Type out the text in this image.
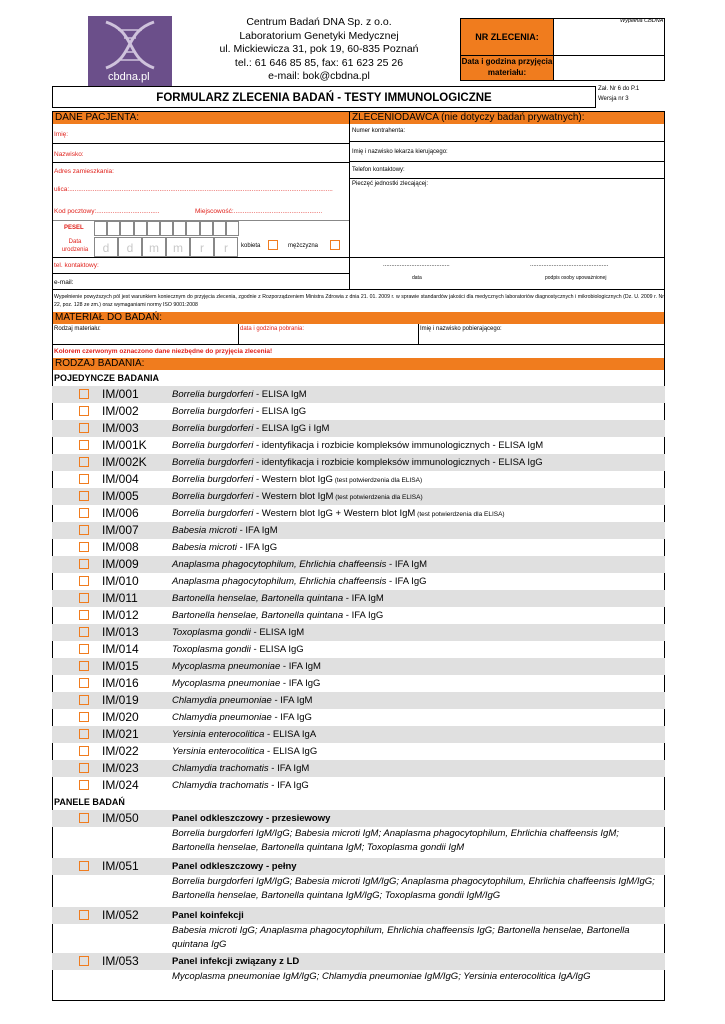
cbdna.pl
Centrum Badań DNA Sp. z o.o.
Laboratorium Genetyki Medycznej
ul. Mickiewicza 31, pok 19, 60-835 Poznań
tel.: 61 646 85 85, fax: 61 623 25 26
e-mail: bok@cbdna.pl
NR ZLECENIA:
Data i godzina przyjęcia materiału:
Wypełnia CBDNA
FORMULARZ ZLECENIA BADAŃ - TESTY IMMUNOLOGICZNE
Zał. Nr 6 do P.1
Wersja nr 3
DANE PACJENTA:	ZLECENIODAWCA (nie dotyczy badań prywatnych):
Imię:
Nazwisko:
Adres zamieszkania:
ulica:..................................................................................................................................................
Kod pocztowy:...................................	Miejscowość:.................................................
PESEL
Data urodzenia	d	d	m	m	r	r	kobieta	mężczyzna
tel. kontaktowy:
e-mail:
Numer kontrahenta:
Imię i nazwisko lekarza kierującego:
Telefon kontaktowy:
Pieczęć jednostki zlecającej:
........................................	...............................................
data	podpis osoby upoważnionej
Wypełnienie powyższych pól jest warunkiem koniecznym do przyjęcia zlecenia, zgodnie z Rozporządzeniem Ministra Zdrowia z dnia 21. 01. 2009 r. w sprawie standardów jakości dla medycznych laboratoriów diagnostycznych i mikrobiologicznych (Dz. U. 2009 r. Nr 22, poz. 128 ze zm.) oraz wymaganiami normy ISO 9001:2008
MATERIAŁ DO BADAŃ:
Rodzaj materiału:	data i godzina pobrania:	Imię i nazwisko pobierającego:
Kolorem czerwonym oznaczono dane niezbędne do przyjęcia zlecenia!
RODZAJ BADANIA:
POJEDYNCZE BADANIA
IM/001	Borrelia burgdorferi - ELISA IgM
IM/002	Borrelia burgdorferi - ELISA IgG
IM/003	Borrelia burgdorferi - ELISA IgG i IgM
IM/001K	Borrelia burgdorferi - identyfikacja i rozbicie kompleksów immunologicznych - ELISA IgM
IM/002K	Borrelia burgdorferi - identyfikacja i rozbicie kompleksów immunologicznych - ELISA IgG
IM/004	Borrelia burgdorferi - Western blot IgG (test potwierdzenia dla ELISA)
IM/005	Borrelia burgdorferi - Western blot IgM (test potwierdzenia dla ELISA)
IM/006	Borrelia burgdorferi - Western blot IgG + Western blot IgM (test potwierdzenia dla ELISA)
IM/007	Babesia microti - IFA IgM
IM/008	Babesia microti - IFA IgG
IM/009	Anaplasma phagocytophilum, Ehrlichia chaffeensis - IFA IgM
IM/010	Anaplasma phagocytophilum, Ehrlichia chaffeensis - IFA IgG
IM/011	Bartonella henselae, Bartonella quintana - IFA IgM
IM/012	Bartonella henselae, Bartonella quintana - IFA IgG
IM/013	Toxoplasma gondii - ELISA IgM
IM/014	Toxoplasma gondii - ELISA IgG
IM/015	Mycoplasma pneumoniae - IFA IgM
IM/016	Mycoplasma pneumoniae - IFA IgG
IM/019	Chlamydia pneumoniae - IFA IgM
IM/020	Chlamydia pneumoniae - IFA IgG
IM/021	Yersinia enterocolitica - ELISA IgA
IM/022	Yersinia enterocolitica - ELISA IgG
IM/023	Chlamydia trachomatis - IFA IgM
IM/024	Chlamydia trachomatis - IFA IgG
PANELE BADAŃ
IM/050	Panel odkleszczowy - przesiewowy
Borrelia burgdorferi IgM/IgG; Babesia microti IgM; Anaplasma phagocytophilum, Ehrlichia chaffeensis IgM; Bartonella henselae, Bartonella quintana IgM; Toxoplasma gondii IgM
IM/051	Panel odkleszczowy - pełny
Borrelia burgdorferi IgM/IgG; Babesia microti IgM/IgG; Anaplasma phagocytophilum, Ehrlichia chaffeensis IgM/IgG; Bartonella henselae, Bartonella quintana IgM/IgG; Toxoplasma gondii IgM/IgG
IM/052	Panel koinfekcji
Babesia microti IgG; Anaplasma phagocytophilum, Ehrlichia chaffeensis IgG; Bartonella henselae, Bartonella quintana IgG
IM/053	Panel infekcji związany z LD
Mycoplasma pneumoniae IgM/IgG; Chlamydia pneumoniae IgM/IgG; Yersinia enterocolitica IgA/IgG
